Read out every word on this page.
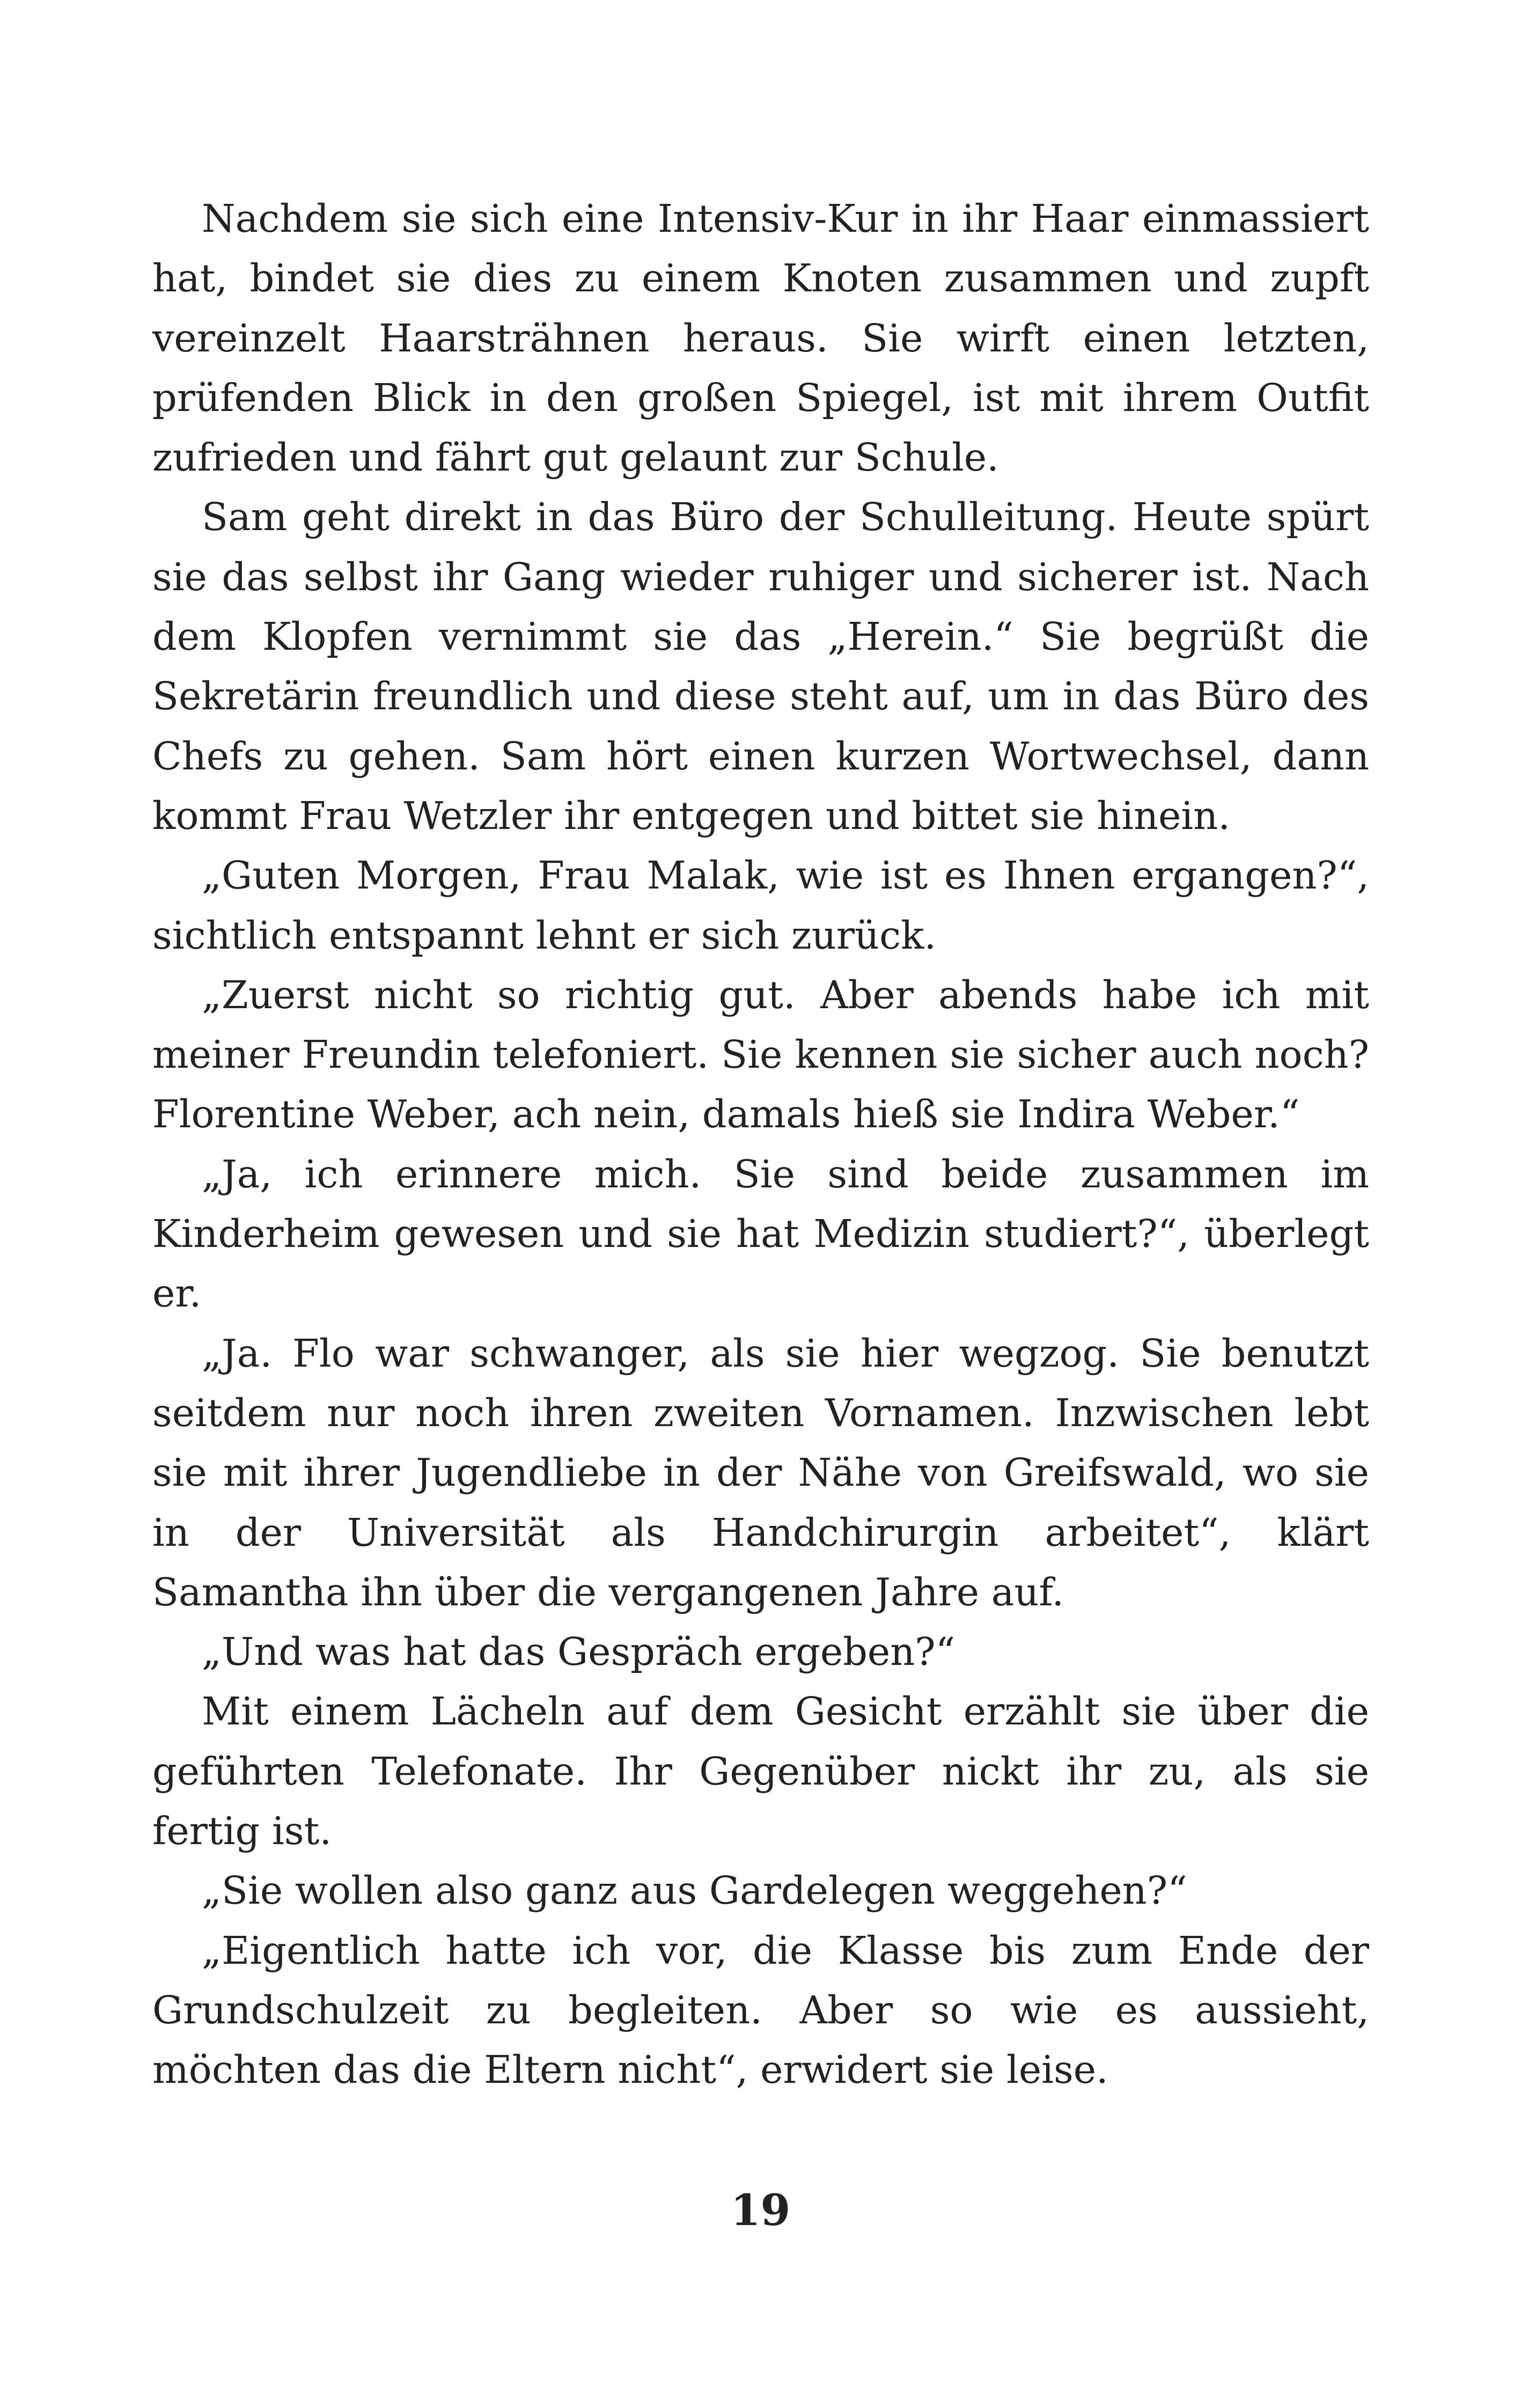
Nachdem sie sich eine Intensiv-Kur in ihr Haar einmassiert hat, bindet sie dies zu einem Knoten zusammen und zupft vereinzelt Haarsträhnen heraus. Sie wirft einen letzten, prüfenden Blick in den großen Spiegel, ist mit ihrem Outfit zufrieden und fährt gut gelaunt zur Schule.

Sam geht direkt in das Büro der Schulleitung. Heute spürt sie das selbst ihr Gang wieder ruhiger und sicherer ist. Nach dem Klopfen vernimmt sie das „Herein.“ Sie begrüßt die Sekretärin freundlich und diese steht auf, um in das Büro des Chefs zu gehen. Sam hört einen kurzen Wortwechsel, dann kommt Frau Wetzler ihr entgegen und bittet sie hinein.

„Guten Morgen, Frau Malak, wie ist es Ihnen ergangen?“, sichtlich entspannt lehnt er sich zurück.

„Zuerst nicht so richtig gut. Aber abends habe ich mit meiner Freundin telefoniert. Sie kennen sie sicher auch noch? Florentine Weber, ach nein, damals hieß sie Indira Weber.“

„Ja, ich erinnere mich. Sie sind beide zusammen im Kinderheim gewesen und sie hat Medizin studiert?“, überlegt er.

„Ja. Flo war schwanger, als sie hier wegzog. Sie benutzt seitdem nur noch ihren zweiten Vornamen. Inzwischen lebt sie mit ihrer Jugendliebe in der Nähe von Greifswald, wo sie in der Universität als Handchirurgin arbeitet“, klärt Samantha ihn über die vergangenen Jahre auf.

„Und was hat das Gespräch ergeben?“

Mit einem Lächeln auf dem Gesicht erzählt sie über die geführten Telefonate. Ihr Gegenüber nickt ihr zu, als sie fertig ist.

„Sie wollen also ganz aus Gardelegen weggehen?“

„Eigentlich hatte ich vor, die Klasse bis zum Ende der Grundschulzeit zu begleiten. Aber so wie es aussieht, möchten das die Eltern nicht“, erwidert sie leise.

19
